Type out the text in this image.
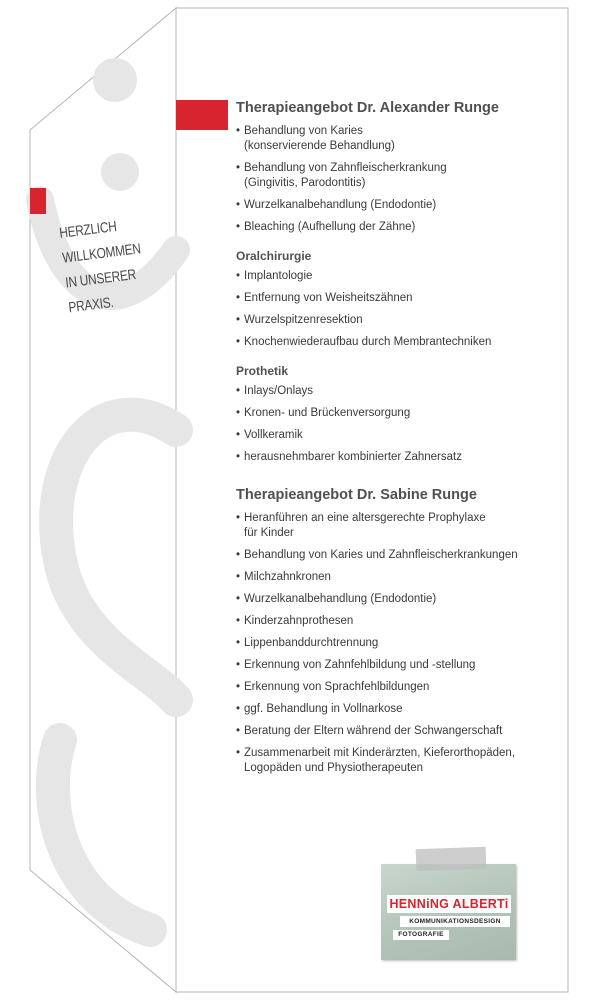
HERZLICH
WILLKOMMEN
IN UNSERER
PRAXIS.
Therapieangebot Dr. Alexander Runge
• Behandlung von Karies
(konservierende Behandlung)
• Behandlung von Zahnfleischerkrankung
(Gingivitis, Parodontitis)
• Wurzelkanalbehandlung (Endodontie)
• Bleaching (Aufhellung der Zähne)
Oralchirurgie
• Implantologie
• Entfernung von Weisheitszähnen
• Wurzelspitzenresektion
• Knochenwiederaufbau durch Membrantechniken
Prothetik
• Inlays/Onlays
• Kronen- und Brückenversorgung
• Vollkeramik
• herausnehmbarer kombinierter Zahnersatz
Therapieangebot Dr. Sabine Runge
• Heranführen an eine altersgerechte Prophylaxe
für Kinder
• Behandlung von Karies und Zahnfleischerkrankungen
• Milchzahnkronen
• Wurzelkanalbehandlung (Endodontie)
• Kinderzahnprothesen
• Lippenbanddurchtrennung
• Erkennung von Zahnfehlbildung und -stellung
• Erkennung von Sprachfehlbildungen
• ggf. Behandlung in Vollnarkose
• Beratung der Eltern während der Schwangerschaft
• Zusammenarbeit mit Kinderärzten, Kieferorthopäden,
Logopäden und Physiotherapeuten
HENNiNG ALBERTi
KOMMUNIKATIONSDESIGN
FOTOGRAFIE
